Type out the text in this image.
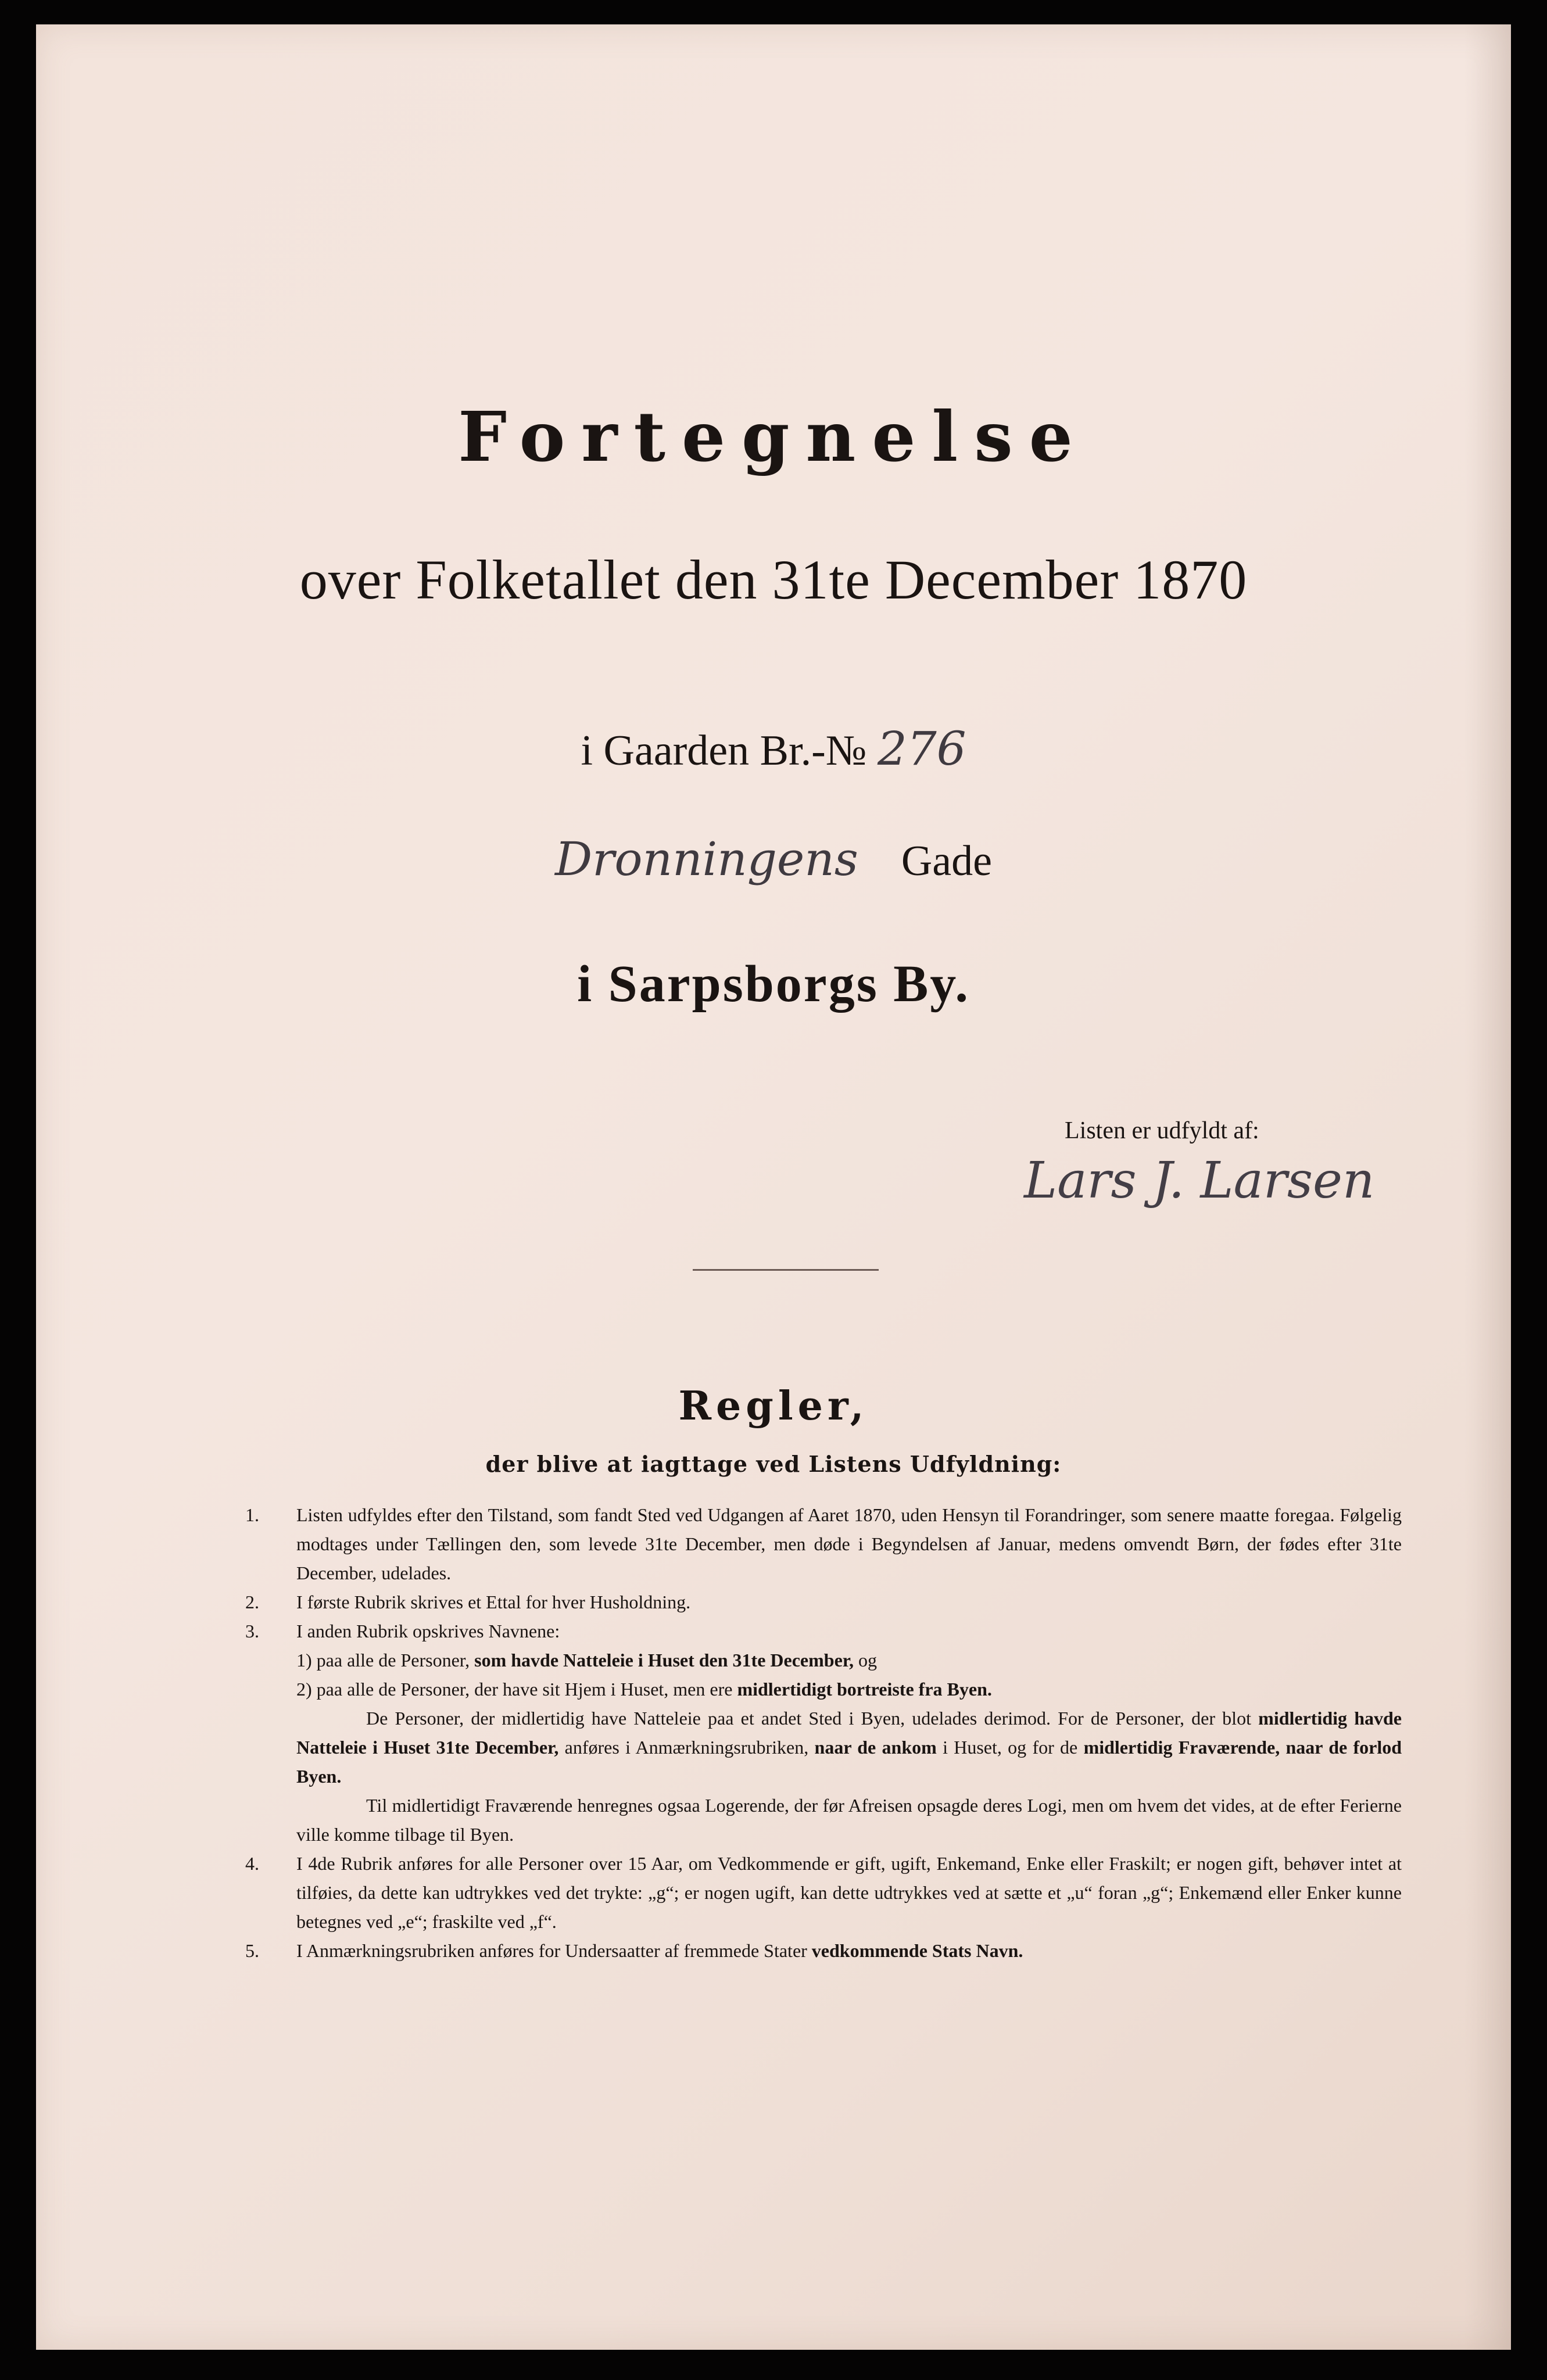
Fortegnelse
over Folketallet den 31te December 1870
i Gaarden Br.-№ 276
Dronningens Gade
i Sarpsborgs By.
Listen er udfyldt af:
Lars J. Larsen
Regler,
der blive at iagttage ved Listens Udfyldning:

1. Listen udfyldes efter den Tilstand, som fandt Sted ved Udgangen af Aaret 1870, uden Hensyn til Forandringer, som senere maatte foregaa. Følgelig modtages under Tællingen den, som levede 31te December, men døde i Begyndelsen af Januar, medens omvendt Børn, der fødes efter 31te December, udelades.

2. I første Rubrik skrives et Ettal for hver Husholdning.

3. I anden Rubrik opskrives Navnene:

1) paa alle de Personer, som havde Natteleie i Huset den 31te December, og

2) paa alle de Personer, der have sit Hjem i Huset, men ere midlertidigt bortreiste fra Byen.

De Personer, der midlertidig have Natteleie paa et andet Sted i Byen, udelades derimod. For de Personer, der blot midlertidig havde Natteleie i Huset 31te December, anføres i Anmærkningsrubriken, naar de ankom i Huset, og for de midlertidig Fraværende, naar de forlod Byen.

Til midlertidigt Fraværende henregnes ogsaa Logerende, der før Afreisen opsagde deres Logi, men om hvem det vides, at de efter Ferierne ville komme tilbage til Byen.

4. I 4de Rubrik anføres for alle Personer over 15 Aar, om Vedkommende er gift, ugift, Enkemand, Enke eller Fraskilt; er nogen gift, behøver intet at tilføies, da dette kan udtrykkes ved det trykte: „g“; er nogen ugift, kan dette udtrykkes ved at sætte et „u“ foran „g“; Enkemænd eller Enker kunne betegnes ved „e“; fraskilte ved „f“.

5. I Anmærkningsrubriken anføres for Undersaatter af fremmede Stater vedkommende Stats Navn.
